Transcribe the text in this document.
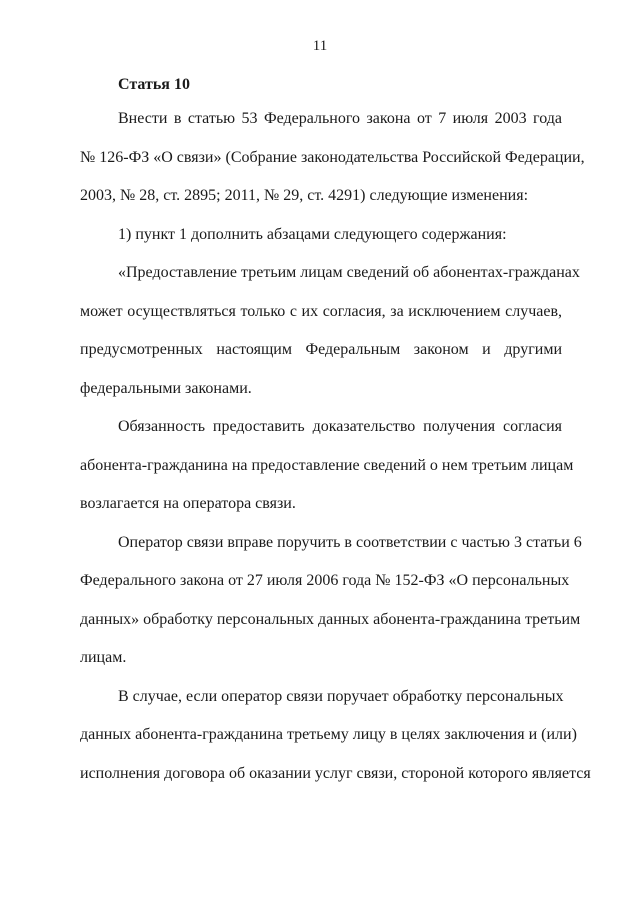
11
Статья 10
Внести в статью 53 Федерального закона от 7 июля 2003 года
№ 126-ФЗ «О связи» (Собрание законодательства Российской Федерации,
2003, № 28, ст. 2895; 2011, № 29, ст. 4291) следующие изменения:
1) пункт 1 дополнить абзацами следующего содержания:
«Предоставление третьим лицам сведений об абонентах-гражданах
может осуществляться только с их согласия, за исключением случаев,
предусмотренных настоящим Федеральным законом и другими
федеральными законами.
Обязанность предоставить доказательство получения согласия
абонента-гражданина на предоставление сведений о нем третьим лицам
возлагается на оператора связи.
Оператор связи вправе поручить в соответствии с частью 3 статьи 6
Федерального закона от 27 июля 2006 года № 152-ФЗ «О персональных
данных» обработку персональных данных абонента-гражданина третьим
лицам.
В случае, если оператор связи поручает обработку персональных
данных абонента-гражданина третьему лицу в целях заключения и (или)
исполнения договора об оказании услуг связи, стороной которого является
